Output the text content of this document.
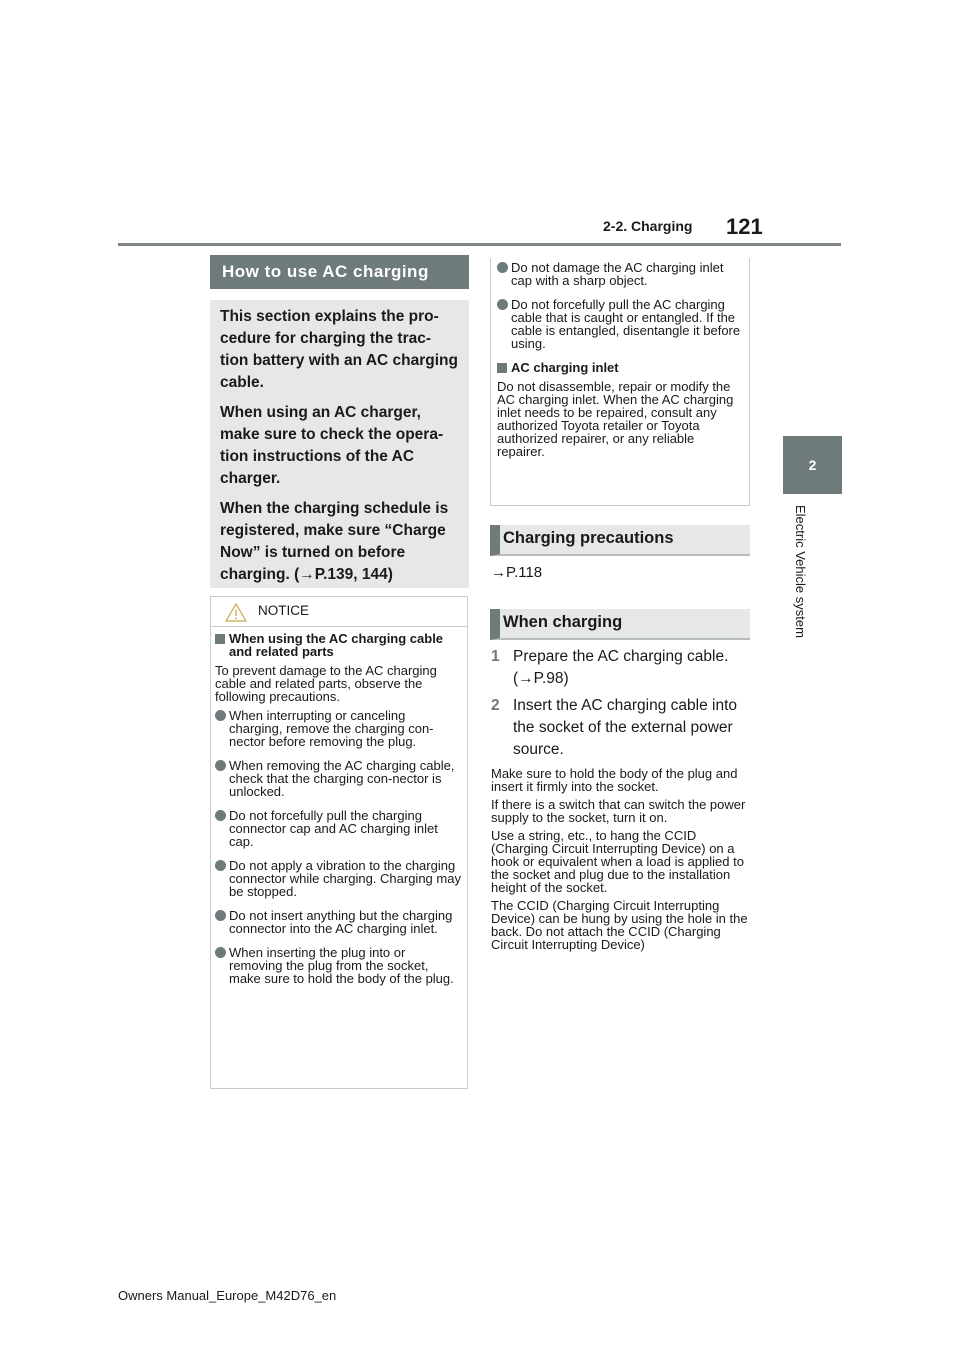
2-2. Charging 121
2
Electric Vehicle system
How to use AC charging

This section explains the pro-cedure for charging the trac-tion battery with an AC charging cable.

When using an AC charger, make sure to check the opera-tion instructions of the AC charger.

When the charging schedule is registered, make sure “Charge Now” is turned on before charging. (→P.139, 144)

NOTICE
When using the AC charging cable and related parts
To prevent damage to the AC charging cable and related parts, observe the following precautions.
When interrupting or canceling charging, remove the charging con-nector before removing the plug.
When removing the AC charging cable, check that the charging con-nector is unlocked.
Do not forcefully pull the charging connector cap and AC charging inlet cap.
Do not apply a vibration to the charging connector while charging. Charging may be stopped.
Do not insert anything but the charging connector into the AC charging inlet.
When inserting the plug into or removing the plug from the socket, make sure to hold the body of the plug.
Do not damage the AC charging inlet cap with a sharp object.
Do not forcefully pull the AC charging cable that is caught or entangled. If the cable is entangled, disentangle it before using.
AC charging inlet
Do not disassemble, repair or modify the AC charging inlet. When the AC charging inlet needs to be repaired, consult any authorized Toyota retailer or Toyota authorized repairer, or any reliable repairer.
Charging precautions
→P.118
When charging
1 Prepare the AC charging cable. (→P.98)
2 Insert the AC charging cable into the socket of the external power source.

Make sure to hold the body of the plug and insert it firmly into the socket.

If there is a switch that can switch the power supply to the socket, turn it on.

Use a string, etc., to hang the CCID (Charging Circuit Interrupting Device) on a hook or equivalent when a load is applied to the socket and plug due to the installation height of the socket.

The CCID (Charging Circuit Interrupting Device) can be hung by using the hole in the back. Do not attach the CCID (Charging Circuit Interrupting Device)

Owners Manual_Europe_M42D76_en
